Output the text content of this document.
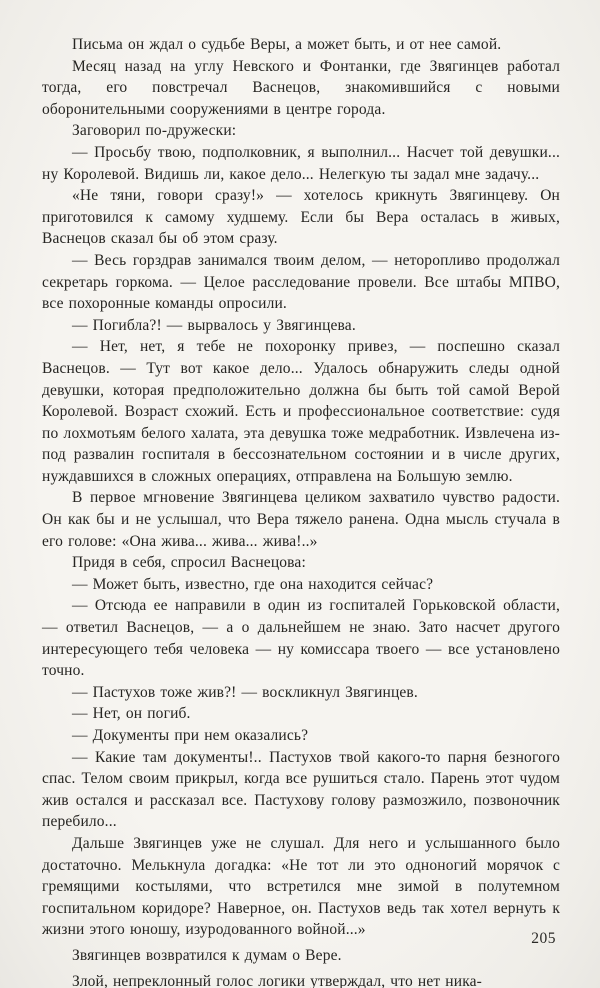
Письма он ждал о судьбе Веры, а может быть, и от нее самой.

Месяц назад на углу Невского и Фонтанки, где Звягинцев работал тогда, его повстречал Васнецов, знакомившийся с новыми оборонительными сооружениями в центре города.

Заговорил по-дружески:

— Просьбу твою, подполковник, я выполнил... Насчет той девушки... ну Королевой. Видишь ли, какое дело... Нелегкую ты задал мне задачу...

«Не тяни, говори сразу!» — хотелось крикнуть Звягинцеву. Он приготовился к самому худшему. Если бы Вера осталась в живых, Васнецов сказал бы об этом сразу.

— Весь горздрав занимался твоим делом, — неторопливо продолжал секретарь горкома. — Целое расследование провели. Все штабы МПВО, все похоронные команды опросили.

— Погибла?! — вырвалось у Звягинцева.

— Нет, нет, я тебе не похоронку привез, — поспешно сказал Васнецов. — Тут вот какое дело... Удалось обнаружить следы одной девушки, которая предположительно должна бы быть той самой Верой Королевой. Возраст схожий. Есть и профессиональное соответствие: судя по лохмотьям белого халата, эта девушка тоже медработник. Извлечена из-под развалин госпиталя в бессознательном состоянии и в числе других, нуждавшихся в сложных операциях, отправлена на Большую землю.

В первое мгновение Звягинцева целиком захватило чувство радости. Он как бы и не услышал, что Вера тяжело ранена. Одна мысль стучала в его голове: «Она жива... жива... жива!..»

Придя в себя, спросил Васнецова:

— Может быть, известно, где она находится сейчас?

— Отсюда ее направили в один из госпиталей Горьковской области, — ответил Васнецов, — а о дальнейшем не знаю. Зато насчет другого интересующего тебя человека — ну комиссара твоего — все установлено точно.

— Пастухов тоже жив?! — воскликнул Звягинцев.

— Нет, он погиб.

— Документы при нем оказались?

— Какие там документы!.. Пастухов твой какого-то парня безногого спас. Телом своим прикрыл, когда все рушиться стало. Парень этот чудом жив остался и рассказал все. Пастухову голову размозжило, позвоночник перебило...

Дальше Звягинцев уже не слушал. Для него и услышанного было достаточно. Мелькнула догадка: «Не тот ли это одноногий морячок с гремящими костылями, что встретился мне зимой в полутемном госпитальном коридоре? Наверное, он. Пастухов ведь так хотел вернуть к жизни этого юношу, изуродованного войной...»

Звягинцев возвратился к думам о Вере.

Злой, непреклонный голос логики утверждал, что нет ника-

205
